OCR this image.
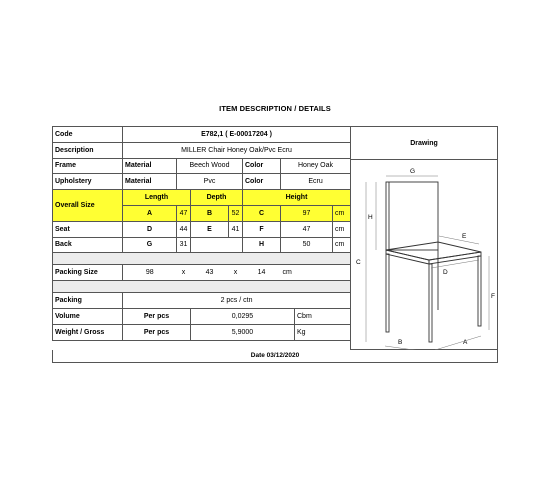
ITEM DESCRIPTION / DETAILS
Code	E782,1 ( E-00017204 )							
Description	MILLER Chair Honey Oak/Pvc Ecru							
Frame	Material	Beech Wood			Color	Honey Oak		
Upholstery	Material	Pvc			Color	Ecru		
Overall Size	Length		Depth		Height			
	A	47	B	52	C	97		cm
Seat	D	44	E	41	F	47		cm
Back	G	31			H	50		cm

Packing Size	98	x	43	x	14	cm		

Packing	2 pcs / ctn							
Volume	Per pcs		0,0295				Cbm	
Weight / Gross	Per pcs		5,9000				Kg	
Drawing
G
H
C
E
D
F
B	A
Date 03/12/2020
